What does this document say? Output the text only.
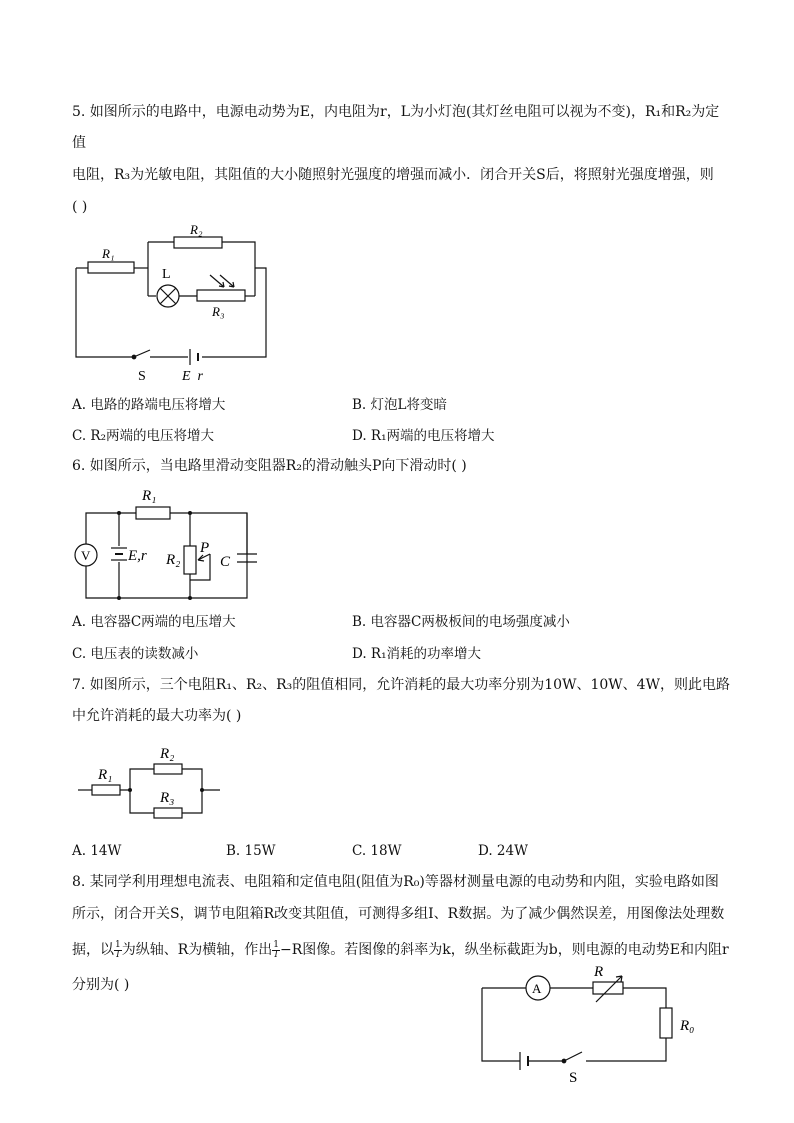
5. 如图所示的电路中，电源电动势为E，内电阻为r，L为小灯泡(其灯丝电阻可以视为不变)，R₁和R₂为定
值
电阻，R₃为光敏电阻，其阻值的大小随照射光强度的增强而减小．闭合开关S后，将照射光强度增强，则
( )
R₁
R₂
L
R₃
S	E  r
A. 电路的路端电压将增大	B. 灯泡L将变暗
C. R₂两端的电压将增大	D. R₁两端的电压将增大
6. 如图所示，当电路里滑动变阻器R₂的滑动触头P向下滑动时( )
V
R₁
E,r R₂
P
C
A. 电容器C两端的电压增大	B. 电容器C两极板间的电场强度减小
C. 电压表的读数减小	D. R₁消耗的功率增大
7. 如图所示，三个电阻R₁、R₂、R₃的阻值相同，允许消耗的最大功率分别为10W、10W、4W，则此电路
中允许消耗的最大功率为( )
R₁
R₂
R₃
A. 14W	B. 15W	C. 18W	D. 24W
8. 某同学利用理想电流表、电阻箱和定值电阻(阻值为R₀)等器材测量电源的电动势和内阻，实验电路如图
所示，闭合开关S，调节电阻箱R改变其阻值，可测得多组I、R数据。为了减少偶然误差，用图像法处理数
据，以 $\frac{1}{I}$ 为纵轴、R为横轴，作出 $\frac{1}{I} -R$图像。若图像的斜率为k，纵坐标截距为b，则电源的电动势E和内阻r
分别为( )	A
R
R₀
S
